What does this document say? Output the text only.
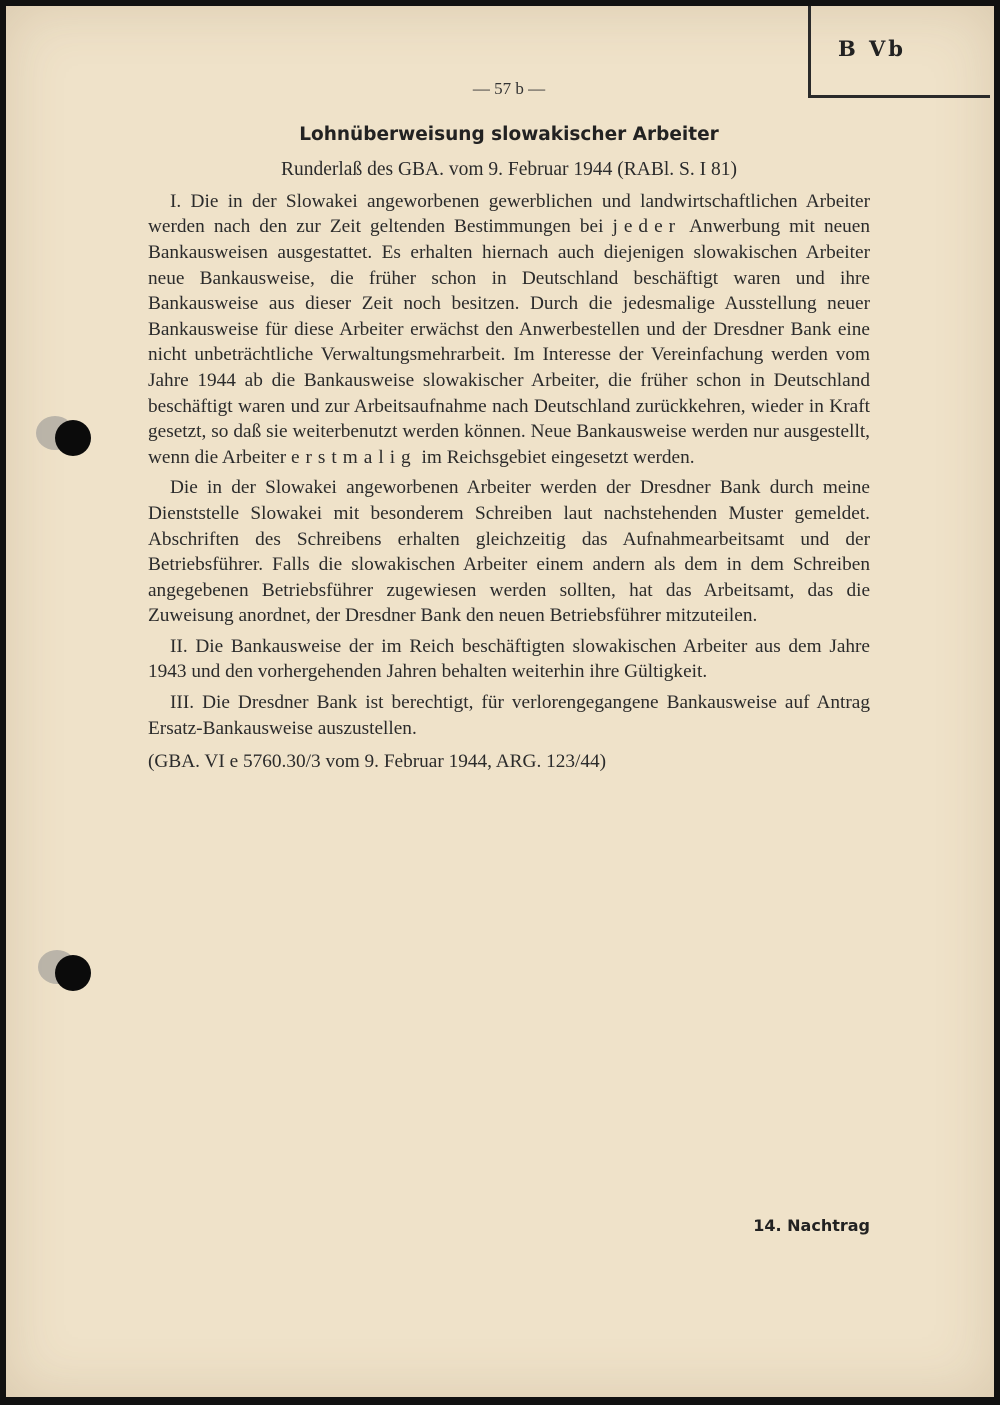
B Vb
— 57 b —
Lohnüberweisung slowakischer Arbeiter
Runderlaß des GBA. vom 9. Februar 1944 (RABl. S. I 81)

I. Die in der Slowakei angeworbenen gewerblichen und landwirtschaftlichen Arbeiter werden nach den zur Zeit geltenden Bestimmungen bei jeder Anwerbung mit neuen Bankausweisen ausgestattet. Es erhalten hiernach auch diejenigen slowakischen Arbeiter neue Bankausweise, die früher schon in Deutschland beschäftigt waren und ihre Bankausweise aus dieser Zeit noch besitzen. Durch die jedesmalige Ausstellung neuer Bankausweise für diese Arbeiter erwächst den Anwerbestellen und der Dresdner Bank eine nicht unbeträchtliche Verwaltungsmehrarbeit. Im Interesse der Vereinfachung werden vom Jahre 1944 ab die Bankausweise slowakischer Arbeiter, die früher schon in Deutschland beschäftigt waren und zur Arbeitsaufnahme nach Deutschland zurückkehren, wieder in Kraft gesetzt, so daß sie weiterbenutzt werden können. Neue Bankausweise werden nur ausgestellt, wenn die Arbeiter erstmalig im Reichsgebiet eingesetzt werden.

Die in der Slowakei angeworbenen Arbeiter werden der Dresdner Bank durch meine Dienststelle Slowakei mit besonderem Schreiben laut nachstehenden Muster gemeldet. Abschriften des Schreibens erhalten gleichzeitig das Aufnahmearbeitsamt und der Betriebsführer. Falls die slowakischen Arbeiter einem andern als dem in dem Schreiben angegebenen Betriebsführer zugewiesen werden sollten, hat das Arbeitsamt, das die Zuweisung anordnet, der Dresdner Bank den neuen Betriebsführer mitzuteilen.

II. Die Bankausweise der im Reich beschäftigten slowakischen Arbeiter aus dem Jahre 1943 und den vorhergehenden Jahren behalten weiterhin ihre Gültigkeit.

III. Die Dresdner Bank ist berechtigt, für verlorengegangene Bankausweise auf Antrag Ersatz-Bankausweise auszustellen.

(GBA. VI e 5760.30/3 vom 9. Februar 1944, ARG. 123/44)

14. Nachtrag
